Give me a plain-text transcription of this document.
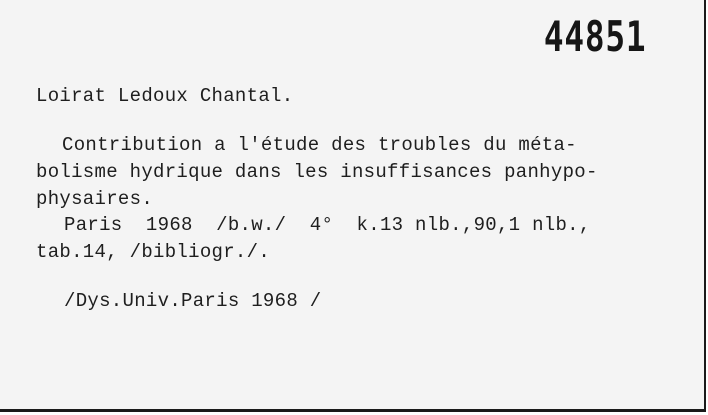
44851
Loirat Ledoux Chantal.
Contribution a l'étude des troubles du méta-
bolisme hydrique dans les insuffisances panhypo-
physaires.
Paris  1968  /b.w./  4°  k.13 nlb.,90,1 nlb.,
tab.14, /bibliogr./.
/Dys.Univ.Paris 1968 /
